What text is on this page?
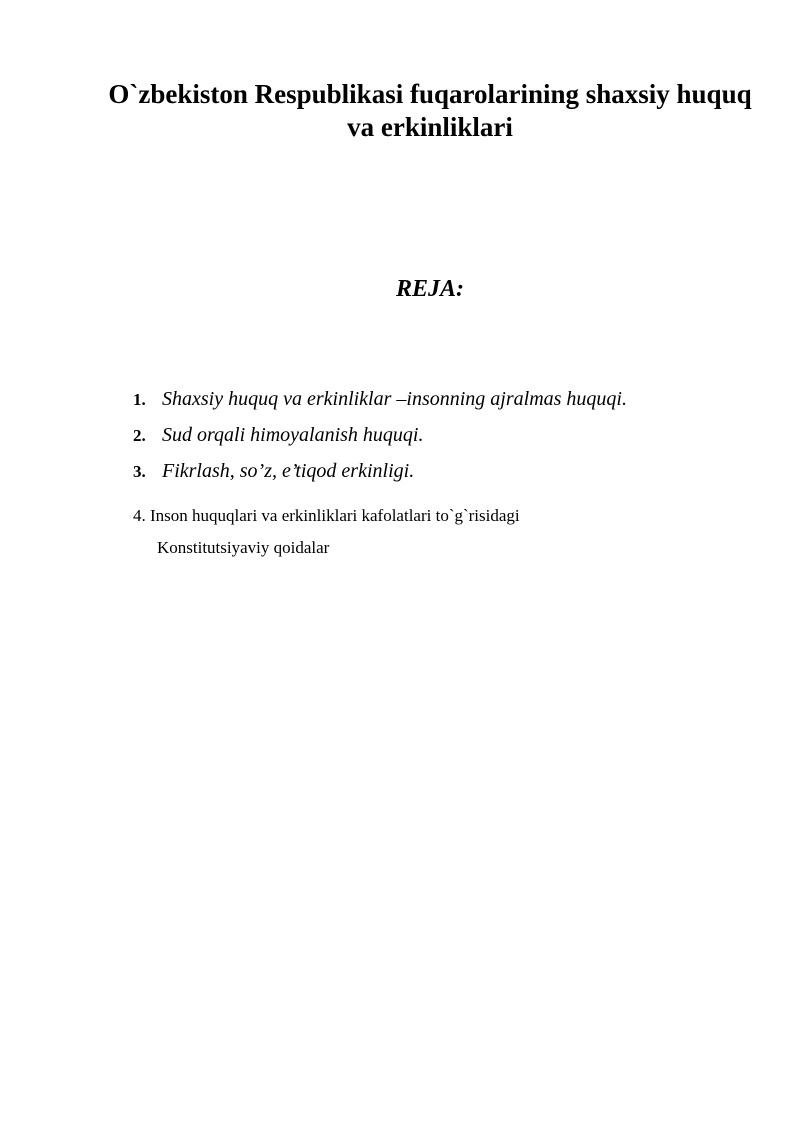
O`zbekiston Respublikasi fuqarolarining shaxsiy huquq va erkinliklari
REJA:
1. Shaxsiy huquq va erkinliklar –insonning ajralmas huquqi.
2. Sud orqali himoyalanish huquqi.
3. Fikrlash, so’z, e’tiqod erkinligi.

4. Inson huquqlari va erkinliklari kafolatlari to`g`risidagi
Konstitutsiyaviy qoidalar
